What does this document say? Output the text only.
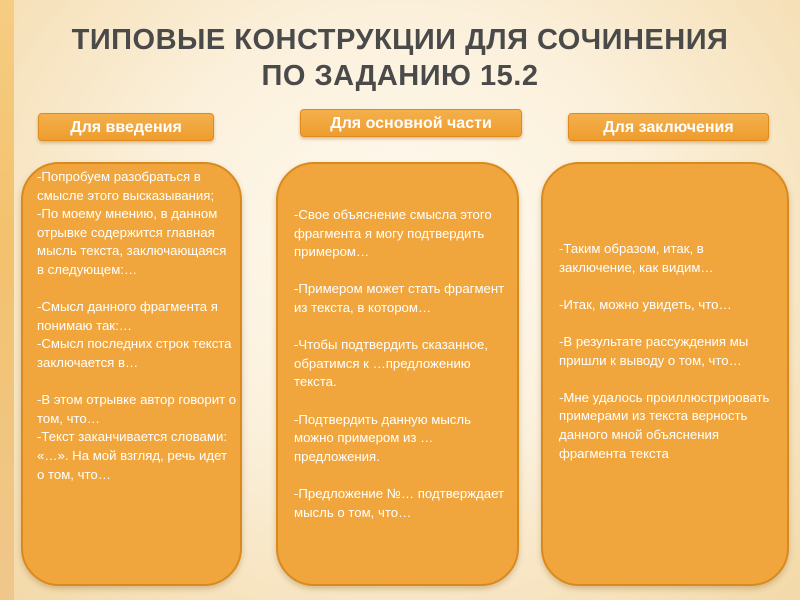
ТИПОВЫЕ КОНСТРУКЦИИ ДЛЯ СОЧИНЕНИЯ
ПО ЗАДАНИЮ 15.2
Для введения	Для основной части	Для заключения

-Попробуем разобраться в смысле этого высказывания;
-По моему мнению, в данном отрывке содержится главная мысль текста, заключающаяся в следующем:…

-Смысл данного фрагмента я понимаю так:…
-Смысл последних строк текста заключается в…

-В этом отрывке автор говорит о том, что…
-Текст заканчивается словами: «…». На мой взгляд, речь идет о том, что…

-Свое объяснение смысла этого фрагмента я могу подтвердить примером…

-Примером может стать фрагмент из текста, в котором…

-Чтобы подтвердить сказанное, обратимся к …предложению текста.

-Подтвердить данную мысль можно примером из …предложения.

-Предложение №… подтверждает мысль о том, что…

-Таким образом, итак, в заключение, как видим…

-Итак, можно увидеть, что…

-В результате рассуждения мы пришли к выводу о том, что…

-Мне удалось проиллюстрировать примерами из текста верность данного мной объяснения фрагмента текста
